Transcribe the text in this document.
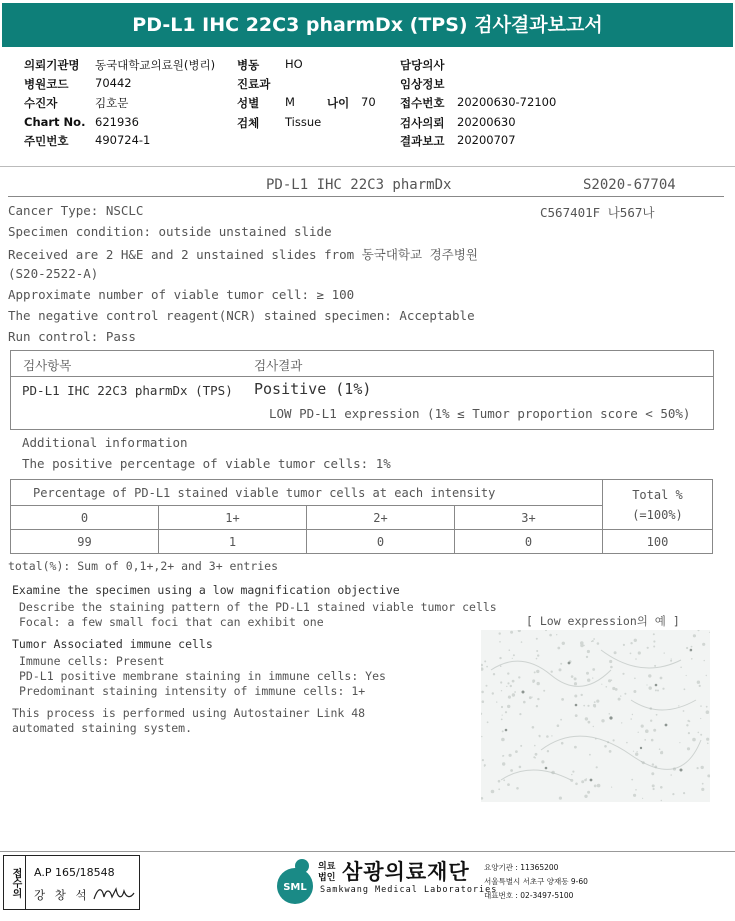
PD-L1 IHC 22C3 pharmDx (TPS) 검사결과보고서
의뢰기관명 동국대학교의료원(병리)
병원코드 70442
수진자	김호문
Chart No. 621936
주민번호 490724-1
병동 HO
진료과
성별 M	나이 70
검체 Tissue
담당의사
임상정보
접수번호 20200630-72100
검사의뢰 20200630
결과보고 20200707
PD-L1 IHC 22C3 pharmDx	S2020-67704
Cancer Type: NSCLC	C567401F 나567나
Specimen condition: outside unstained slide
Received are 2 H&E and 2 unstained slides from 동국대학교 경주병원
(S20-2522-A)
Approximate number of viable tumor cell: ≥ 100
The negative control reagent(NCR) stained specimen: Acceptable
Run control: Pass
검사항목	검사결과
PD-L1 IHC 22C3 pharmDx (TPS) Positive (1%)
LOW PD-L1 expression (1% ≤ Tumor proportion score < 50%)
Additional information
The positive percentage of viable tumor cells: 1%
Percentage of PD-L1 stained viable tumor cells at each intensity				Total %
(=100%)
0	1+	2+	3+	
99	1	0	0	100
total(%): Sum of 0,1+,2+ and 3+ entries
Examine the specimen using a low magnification objective
Describe the staining pattern of the PD-L1 stained viable tumor cells
Focal: a few small foci that can exhibit one	[ Low expression의 예 ]
Tumor Associated immune cells
Immune cells: Present
PD-L1 positive membrane staining in immune cells: Yes
Predominant staining intensity of immune cells: 1+
This process is performed using Autostainer Link 48
automated staining system.
접수의	A.P 165/18548
강 창 석
SML
의료
법인 삼광의료재단
Samkwang Medical Laboratories
요양기관 : 11365200
서울특별시 서초구 양재동 9-60
대표번호 : 02-3497-5100
